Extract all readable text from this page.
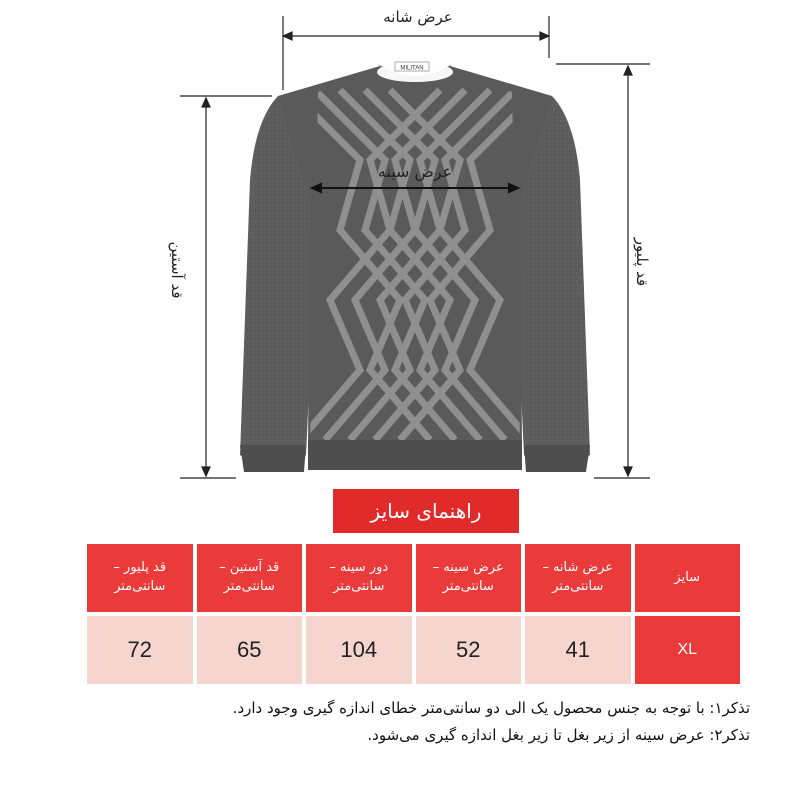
MILITAN
عرض شانه
عرض سینه
قد آستین	قد پلیور
راهنمای سایز
سایز
عرض شانه – سانتی‌متر
عرض سینه – سانتی‌متر
دور سینه – سانتی‌متر
قد آستین – سانتی‌متر
قد پلیور – سانتی‌متر
XL
41
52
104
65
72

تذکر۱: با توجه به جنس محصول یک الی دو سانتی‌متر خطای اندازه گیری وجود دارد.

تذکر۲: عرض سینه از زیر بغل تا زیر بغل اندازه گیری می‌شود.
